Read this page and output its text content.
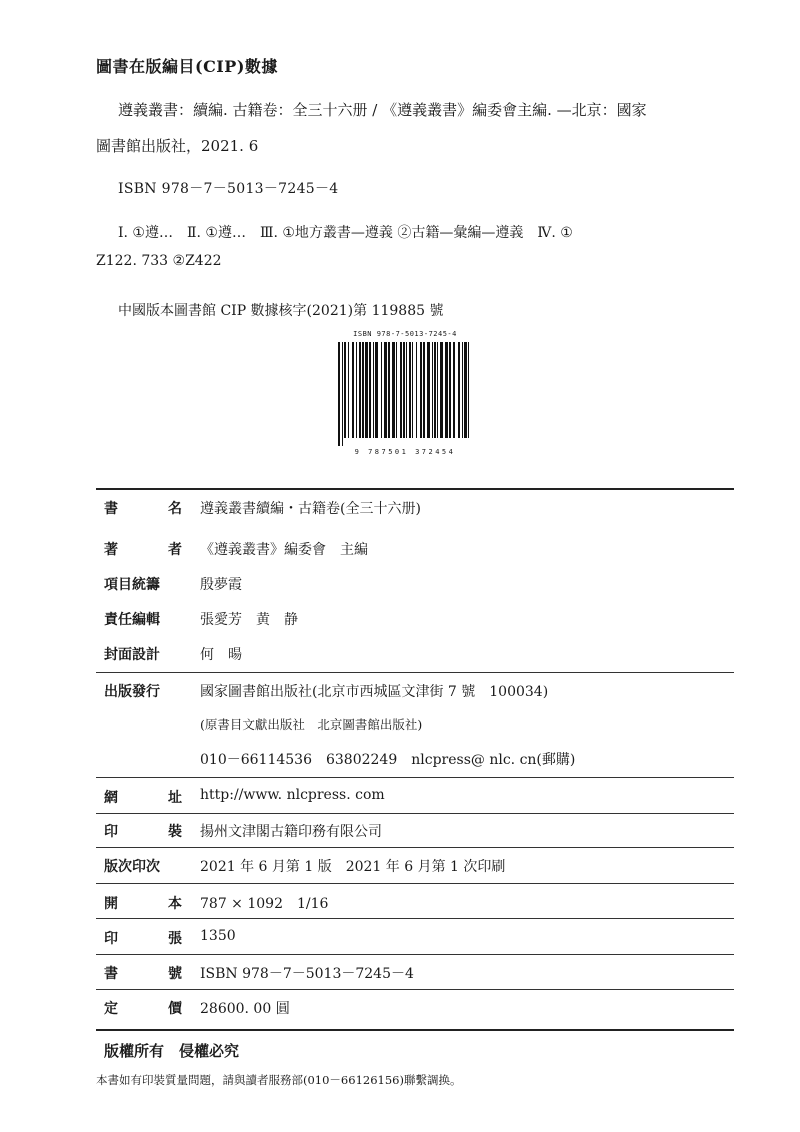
圖書在版編目(CIP)數據
遵義叢書：續編. 古籍卷：全三十六册 / 《遵義叢書》編委會主編. —北京：國家
圖書館出版社，2021. 6
ISBN 978－7－5013－7245－4
Ⅰ. ①遵…　Ⅱ. ①遵…　Ⅲ. ①地方叢書—遵義 ②古籍—彙編—遵義　Ⅳ. ①
Z122. 733 ②Z422
中國版本圖書館 CIP 數據核字(2021)第 119885 號
ISBN 978-7-5013-7245-4
9 787501 372454
書	名 遵義叢書續編・古籍卷(全三十六册)
著	者 《遵義叢書》編委會　主編
項目統籌	殷夢霞
責任編輯	張愛芳　黄　静
封面設計	何　暘
出版發行	國家圖書館出版社(北京市西城區文津街 7 號　100034)
(原書目文獻出版社　北京圖書館出版社)
010－66114536　63802249　nlcpress@ nlc. cn(郵購)
網	址 http://www. nlcpress. com
印	裝 揚州文津閣古籍印務有限公司
版次印次	2021 年 6 月第 1 版　2021 年 6 月第 1 次印刷
開	本 787 × 1092　1/16
印	張 1350
書	號 ISBN 978－7－5013－7245－4
定	價 28600. 00 圓
版權所有　侵權必究
本書如有印裝質量問題，請與讀者服務部(010－66126156)聯繫調换。
